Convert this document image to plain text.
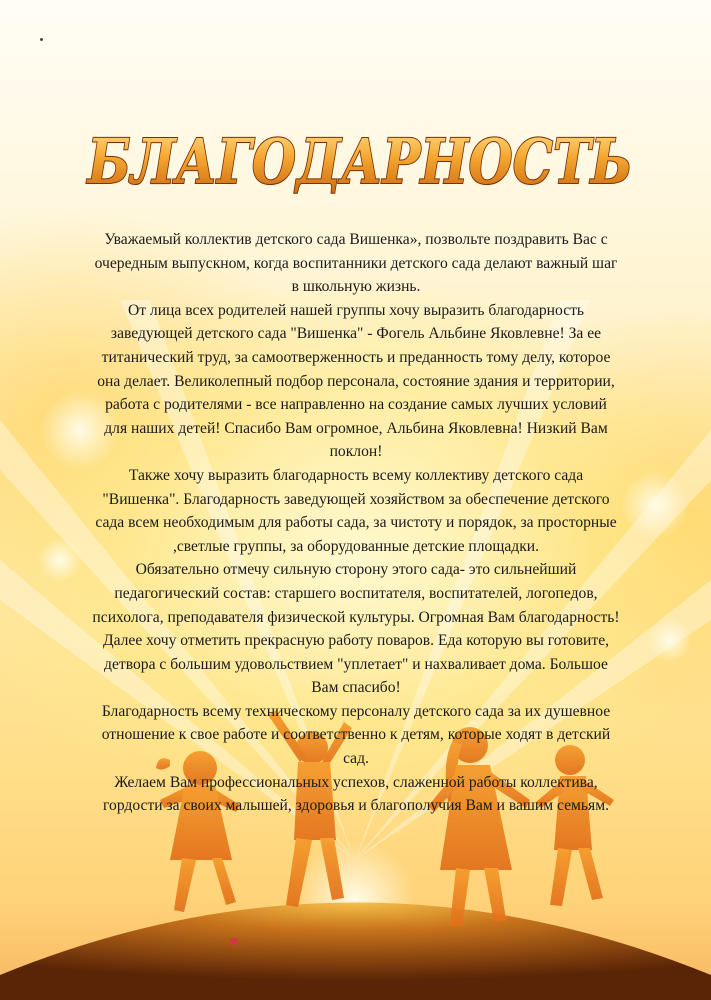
БЛАГОДАРНОСТЬ

Уважаемый коллектив детского сада Вишенка», позвольте поздравить Вас с очередным выпускном, когда воспитанники детского сада делают важный шаг в школьную жизнь.

От лица всех родителей нашей группы хочу выразить благодарность заведующей детского сада "Вишенка" - Фогель Альбине Яковлевне! За ее титанический труд, за самоотверженность и преданность тому делу, которое она делает. Великолепный подбор персонала, состояние здания и территории, работа с родителями - все направленно на создание самых лучших условий для наших детей! Спасибо Вам огромное, Альбина Яковлевна! Низкий Вам поклон!

Также хочу выразить благодарность всему коллективу детского сада "Вишенка". Благодарность заведующей хозяйством за обеспечение детского сада всем необходимым для работы сада, за чистоту и порядок, за просторные ,светлые группы, за оборудованные детские площадки.

Обязательно отмечу сильную сторону этого сада- это сильнейший педагогический состав: старшего воспитателя, воспитателей, логопедов, психолога, преподавателя физической культуры. Огромная Вам благодарность!

Далее хочу отметить прекрасную работу поваров. Еда которую вы готовите, детвора с большим удовольствием "уплетает" и нахваливает дома. Большое Вам спасибо!

Благодарность всему техническому персоналу детского сада за их душевное отношение к свое работе и соответственно к детям, которые ходят в детский сад.

Желаем Вам профессиональных успехов, слаженной работы коллектива, гордости за своих малышей, здоровья и благополучия Вам и вашим семьям.

♥
